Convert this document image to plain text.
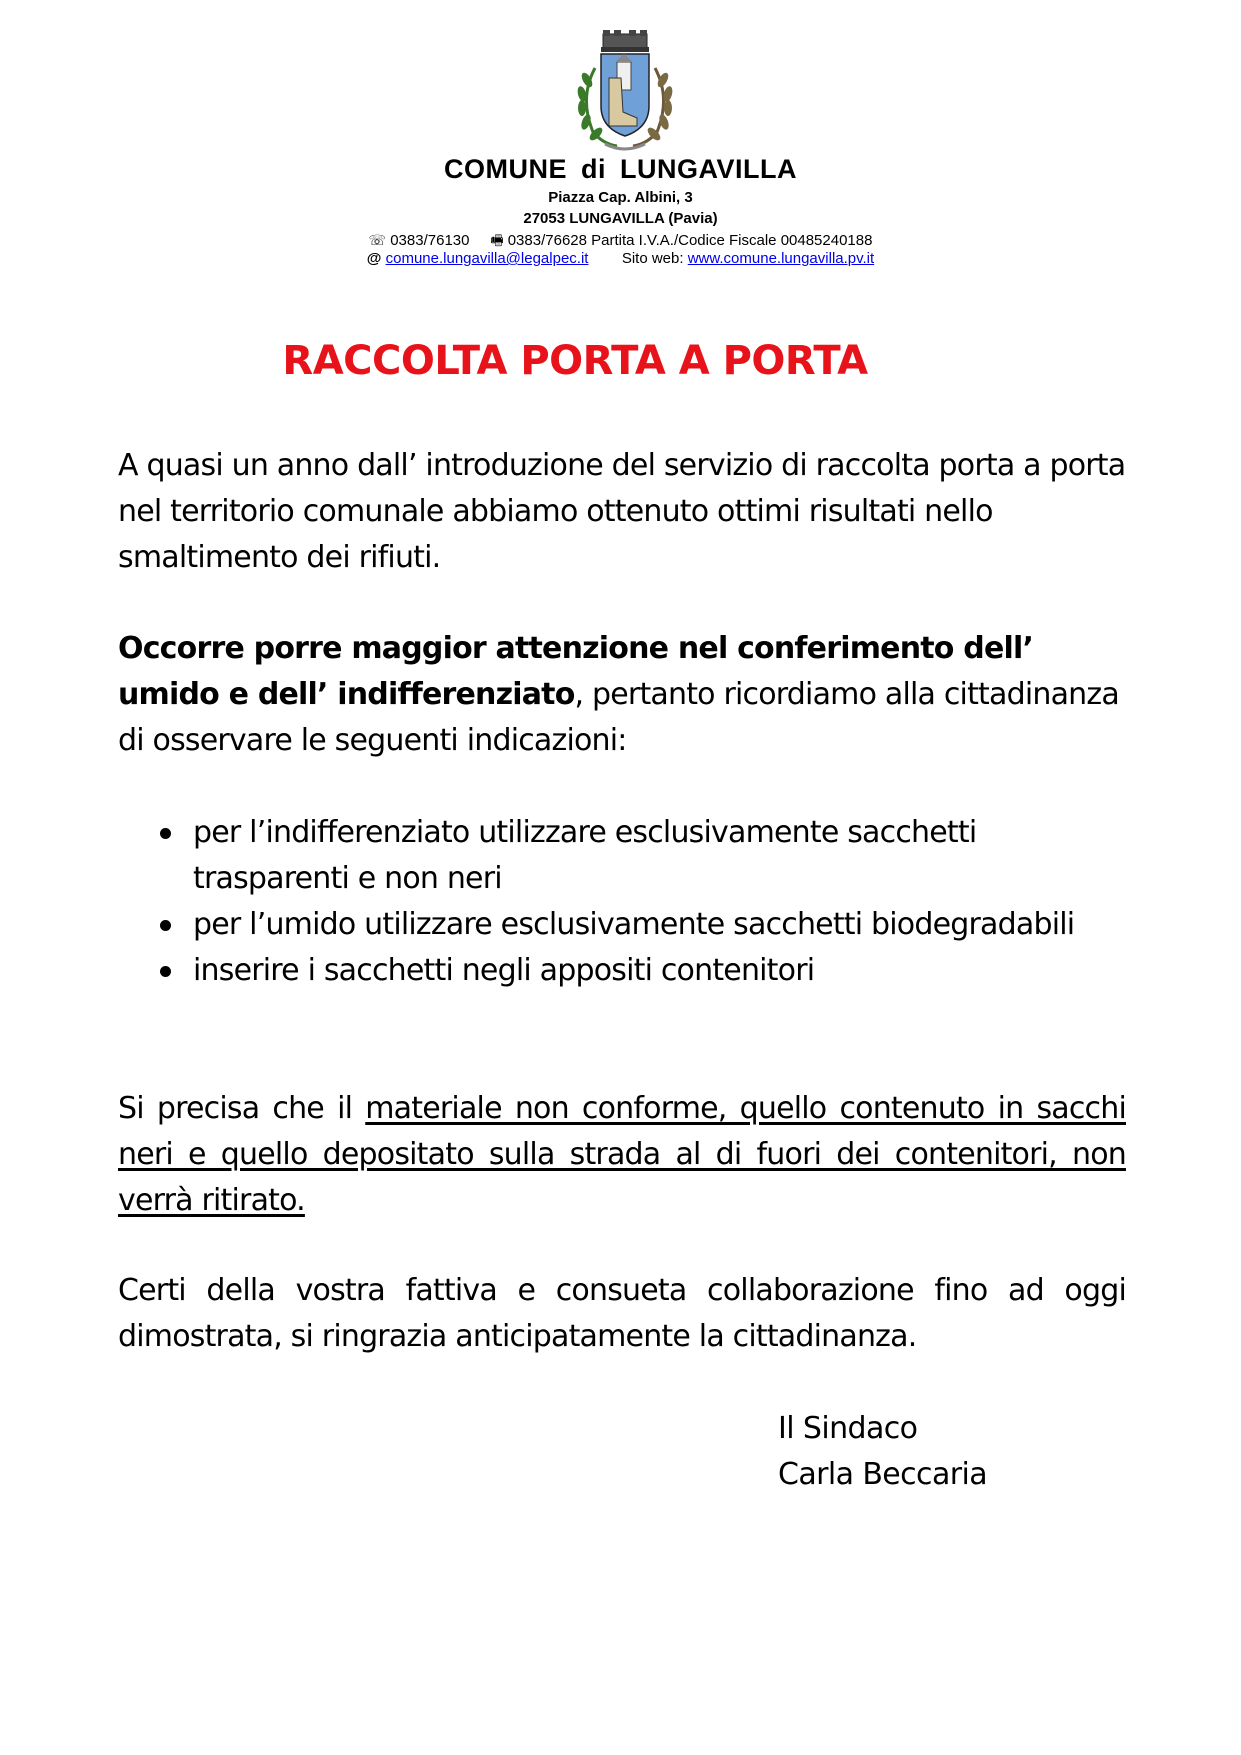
COMUNE di LUNGAVILLA
Piazza Cap. Albini, 3
27053 LUNGAVILLA (Pavia)
☏ 0383/76130 🖷 0383/76628 Partita I.V.A./Codice Fiscale 00485240188
@ comune.lungavilla@legalpec.it Sito web: www.comune.lungavilla.pv.it
RACCOLTA PORTA A PORTA
A quasi un anno dall’ introduzione del servizio di raccolta porta a porta nel territorio comunale abbiamo ottenuto ottimi risultati nello smaltimento dei rifiuti.
Occorre porre maggior attenzione nel conferimento dell’ umido e dell’ indifferenziato, pertanto ricordiamo alla cittadinanza di osservare le seguenti indicazioni:
per l’indifferenziato utilizzare esclusivamente sacchetti trasparenti e non neri
per l’umido utilizzare esclusivamente sacchetti biodegradabili
inserire i sacchetti negli appositi contenitori
Si precisa che il materiale non conforme, quello contenuto in sacchi neri e quello depositato sulla strada al di fuori dei contenitori, non verrà ritirato.
Certi della vostra fattiva e consueta collaborazione fino ad oggi dimostrata, si ringrazia anticipatamente la cittadinanza.
Il Sindaco
Carla Beccaria
